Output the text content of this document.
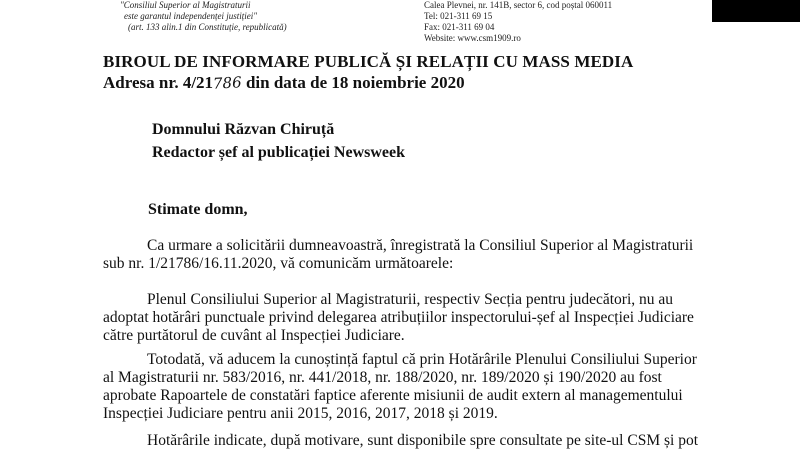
"Consiliul Superior al Magistraturii
este garantul independenței justiției"
(art. 133 alin.1 din Constituție, republicată)
Calea Plevnei, nr. 141B, sector 6, cod poștal 060011
Tel: 021-311 69 15
Fax: 021-311 69 04
Website: www.csm1909.ro
BIROUL DE INFORMARE PUBLICĂ ȘI RELAȚII CU MASS MEDIA
Adresa nr. 4/21786 din data de 18 noiembrie 2020
Domnului Răzvan Chiruță
Redactor șef al publicației Newsweek
Stimate domn,
Ca urmare a solicitării dumneavoastră, înregistrată la Consiliul Superior al Magistraturii
sub nr. 1/21786/16.11.2020, vă comunicăm următoarele:
Plenul Consiliului Superior al Magistraturii, respectiv Secția pentru judecători, nu au
adoptat hotărâri punctuale privind delegarea atribuțiilor inspectorului-șef al Inspecției Judiciare
către purtătorul de cuvânt al Inspecției Judiciare.
Totodată, vă aducem la cunoștință faptul că prin Hotărârile Plenului Consiliului Superior
al Magistraturii nr. 583/2016, nr. 441/2018, nr. 188/2020, nr. 189/2020 și 190/2020 au fost
aprobate Rapoartele de constatări faptice aferente misiunii de audit extern al managementului
Inspecției Judiciare pentru anii 2015, 2016, 2017, 2018 și 2019.
Hotărârile indicate, după motivare, sunt disponibile spre consultate pe site-ul CSM și pot
